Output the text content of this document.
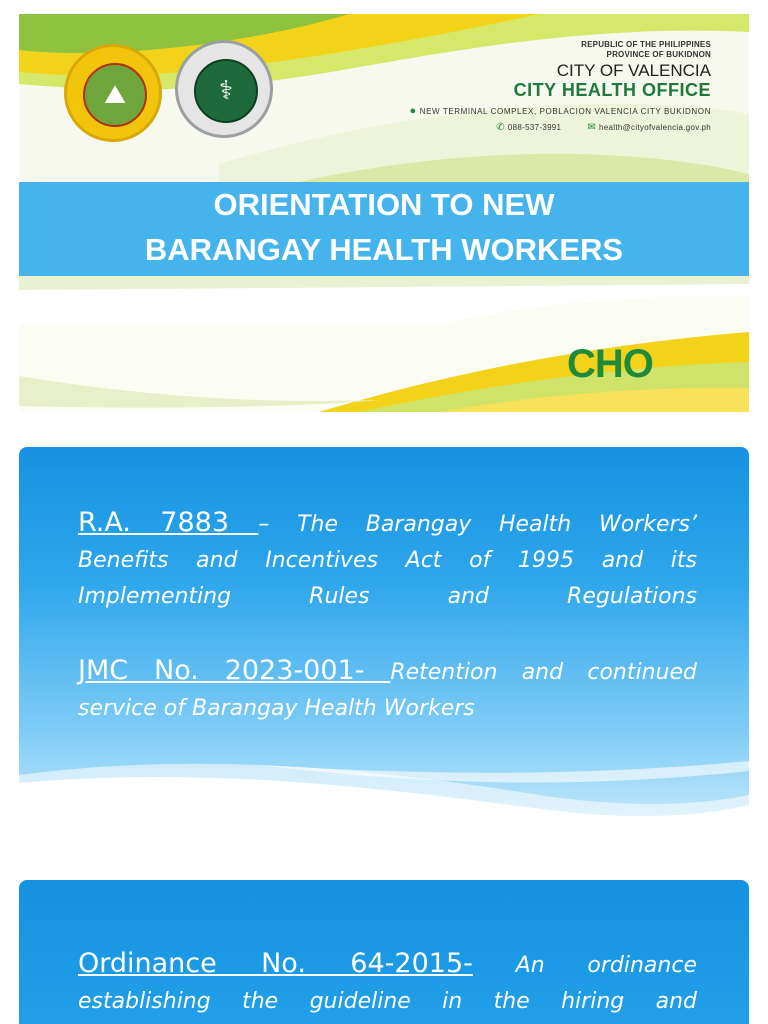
⛰	⚕
REPUBLIC OF THE PHILIPPINES
PROVINCE OF BUKIDNON
CITY OF VALENCIA
CITY HEALTH OFFICE
● NEW TERMINAL COMPLEX, POBLACION VALENCIA CITY BUKIDNON
✆ 088-537-3991	✉ health@cityofvalencia.gov.ph
ORIENTATION TO NEW
BARANGAY HEALTH WORKERS
CHO
R.A. 7883 – The Barangay Health Workers’
Benefits and Incentives Act of 1995 and its
Implementing Rules and Regulations
JMC No. 2023-001- Retention and continued
service of Barangay Health Workers
Ordinance No. 64-2015- An ordinance
establishing the guideline in the hiring and
